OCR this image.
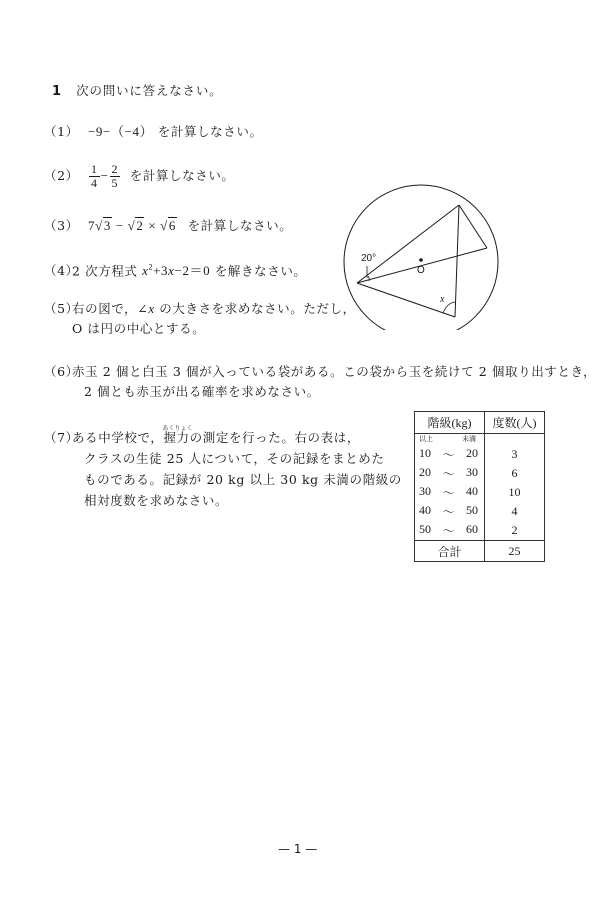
1 次の問いに答えなさい。
（1） −9−（−4） を計算しなさい。
$(2) \frac{1}{4} - \frac{2}{5}$ を計算しなさい。
（3） 7√3 − √2 × √6 を計算しなさい。
（4）2 次方程式 $x^2+3x-2=0$ を解きなさい。
（5）右の図で，∠x の大きさを求めなさい。ただし，
O は円の中心とする。
20°
O
x
（6）赤玉 2 個と白玉 3 個が入っている袋がある。この袋から玉を続けて 2 個取り出すとき，
2 個とも赤玉が出る確率を求めなさい。
（7）ある中学校で，
あくりょく
握力の測定を行った。右の表は，
クラスの生徒 25 人について，その記録をまとめた
ものである。記録が 20 kg 以上 30 kg 未満の階級の
相対度数を求めなさい。
階級(kg)	度数(人)

以上 未満	

10 ～ 20	3

20 ～ 30	6

30 ～ 40	10

40 ～ 50	4

50 ～ 60	2
合計	25
— 1 —
